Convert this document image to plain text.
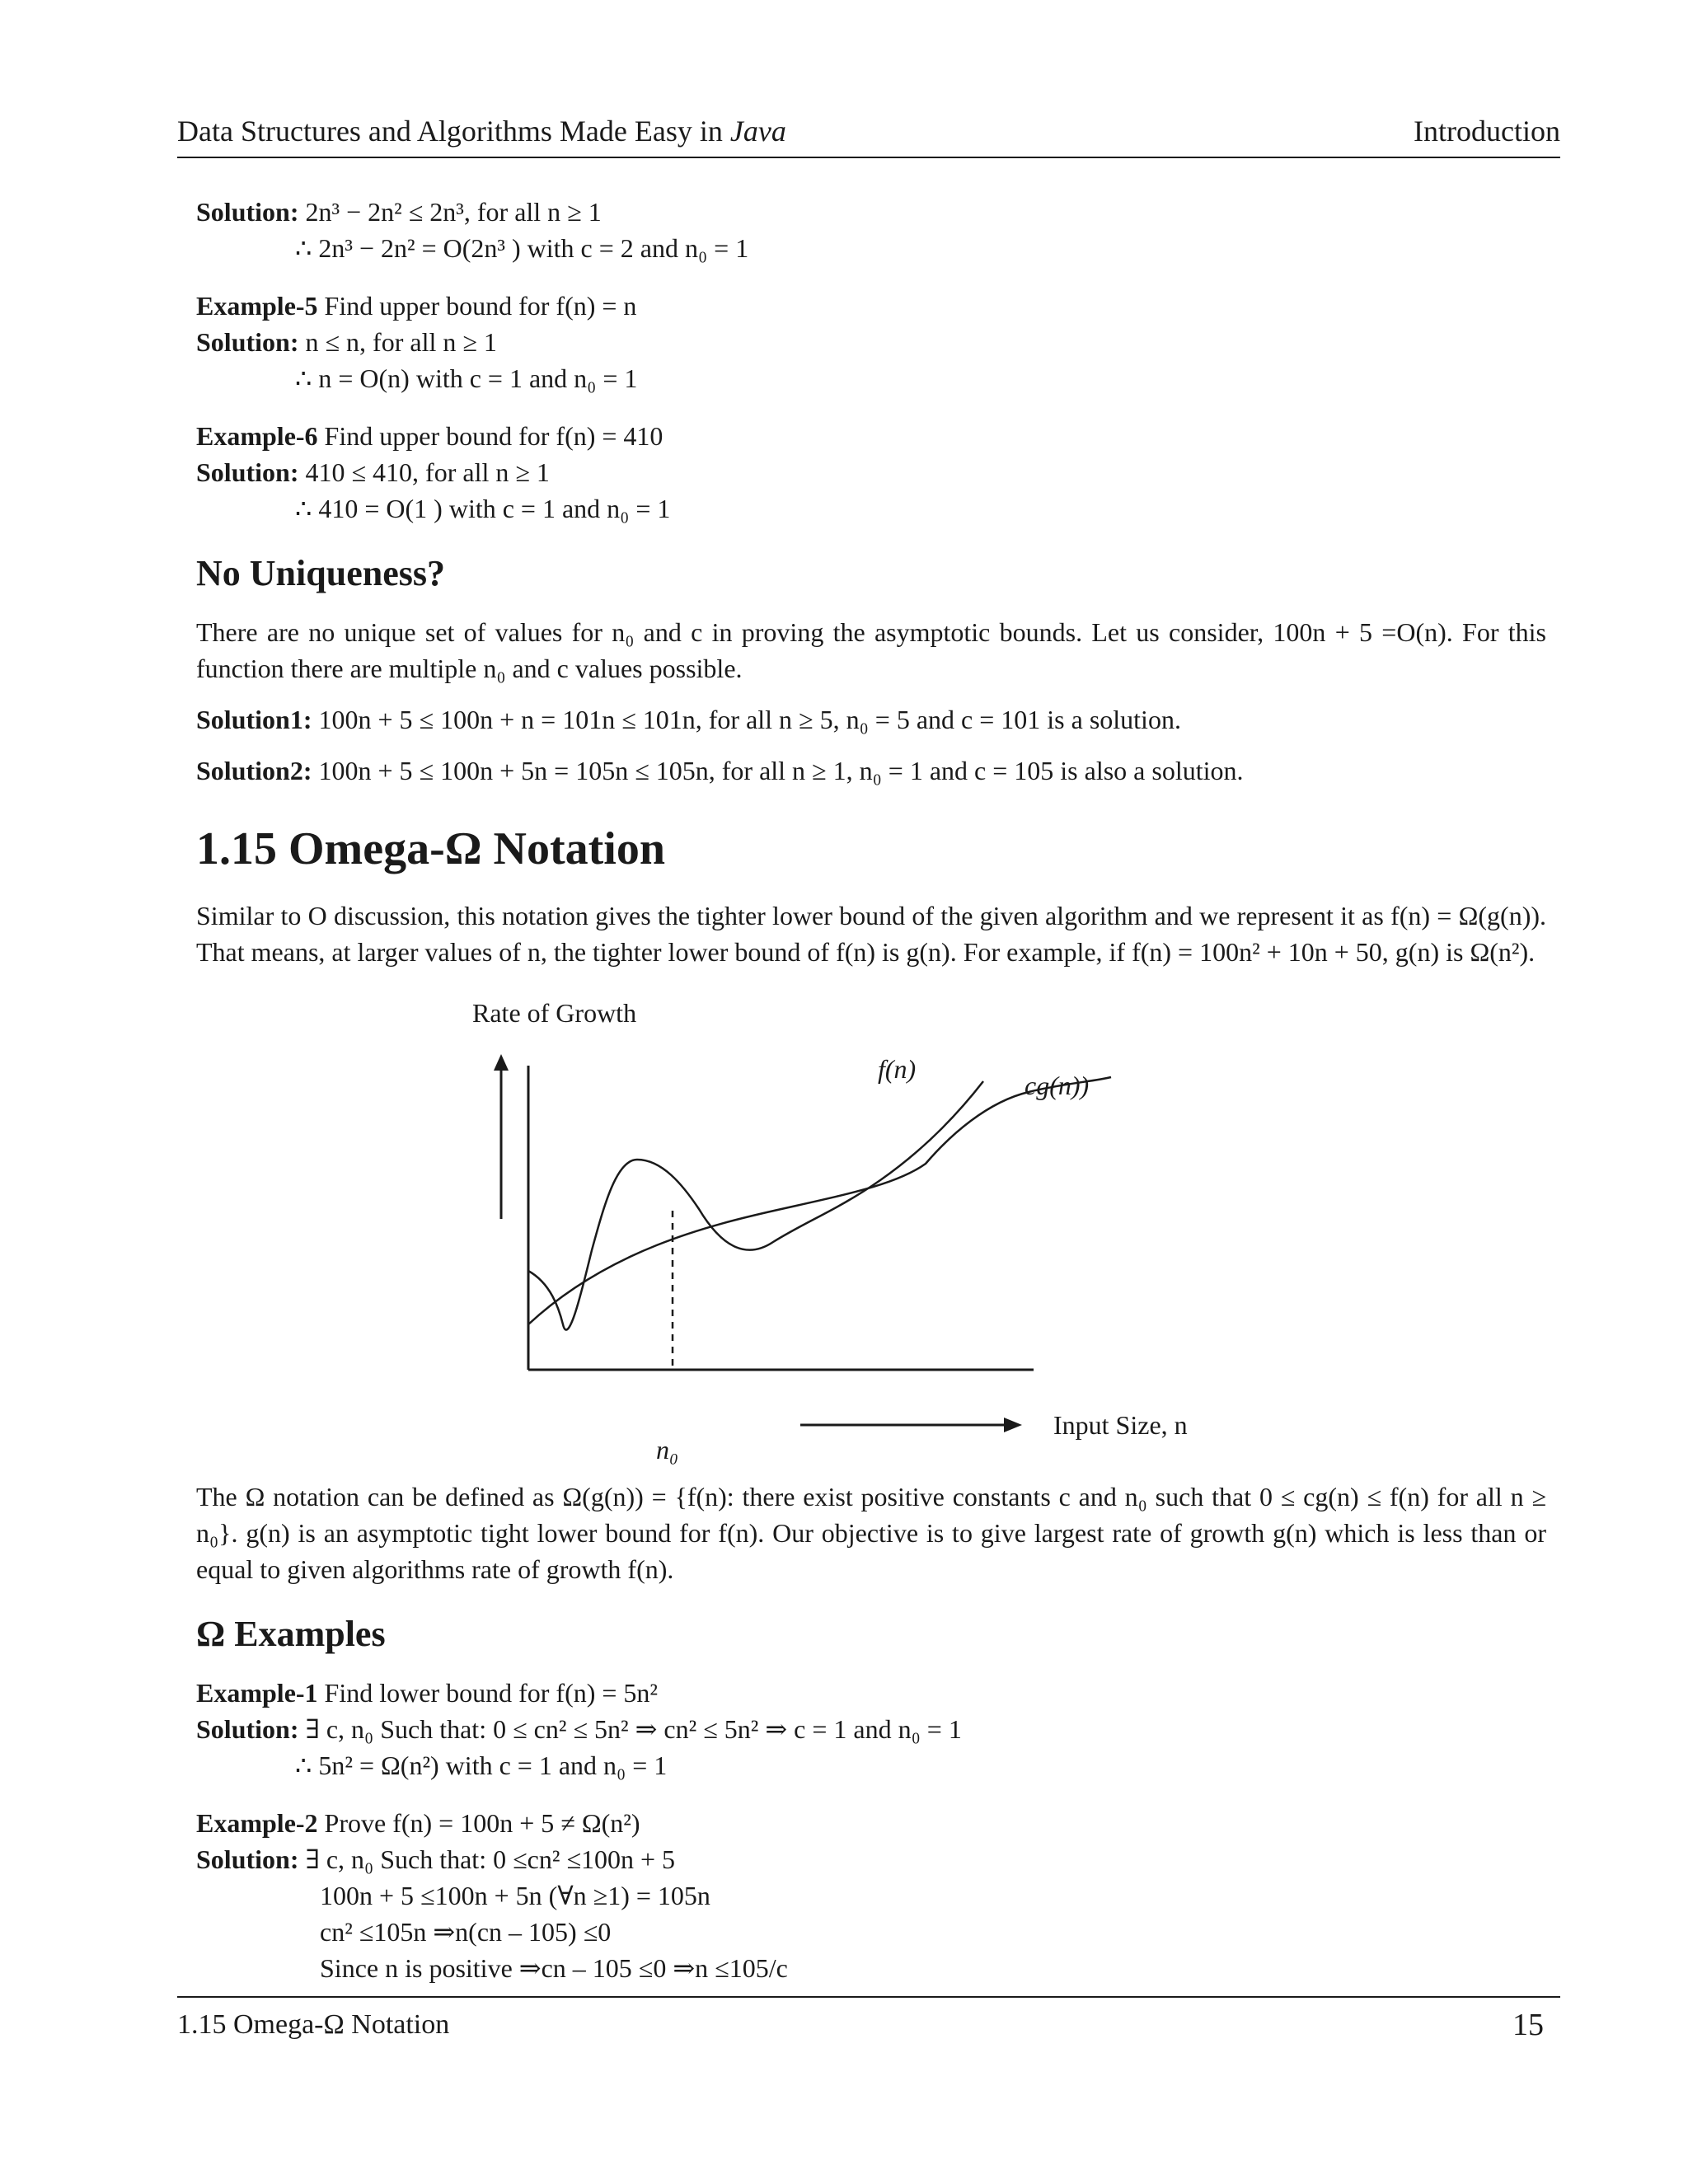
Data Structures and Algorithms Made Easy in Java	Introduction
Solution: 2n³ − 2n² ≤ 2n³, for all n ≥ 1
∴ 2n³ − 2n² = O(2n³ ) with c = 2 and n₀ = 1
Example-5 Find upper bound for f(n) = n
Solution: n ≤ n, for all n ≥ 1
∴ n = O(n) with c = 1 and n₀ = 1
Example-6 Find upper bound for f(n) = 410
Solution: 410 ≤ 410, for all n ≥ 1
∴ 410 = O(1 ) with c = 1 and n₀ = 1
No Uniqueness?

There are no unique set of values for n₀ and c in proving the asymptotic bounds. Let us consider, 100n + 5 =O(n). For this function there are multiple n₀ and c values possible.

Solution1: 100n + 5 ≤ 100n + n = 101n ≤ 101n, for all n ≥ 5, n₀ = 5 and c = 101 is a solution.
Solution2: 100n + 5 ≤ 100n + 5n = 105n ≤ 105n, for all n ≥ 1, n₀ = 1 and c = 105 is also a solution.
1.15 Omega-Ω Notation

Similar to O discussion, this notation gives the tighter lower bound of the given algorithm and we represent it as f(n) = Ω(g(n)). That means, at larger values of n, the tighter lower bound of f(n) is g(n). For example, if f(n) = 100n² + 10n + 50, g(n) is Ω(n²).

Rate of Growth
f(n)
cg(n))
n₀
Input Size, n

The Ω notation can be defined as Ω(g(n)) = {f(n): there exist positive constants c and n₀ such that 0 ≤ cg(n) ≤ f(n) for all n ≥ n₀}. g(n) is an asymptotic tight lower bound for f(n). Our objective is to give largest rate of growth g(n) which is less than or equal to given algorithms rate of growth f(n).

Ω Examples
Example-1 Find lower bound for f(n) = 5n²
Solution: ∃ c, n₀ Such that: 0 ≤ cn² ≤ 5n² ⇒ cn² ≤ 5n² ⇒ c = 1 and n₀ = 1
∴ 5n² = Ω(n²) with c = 1 and n₀ = 1
Example-2 Prove f(n) = 100n + 5 ≠ Ω(n²)
Solution: ∃ c, n₀ Such that: 0 ≤cn² ≤100n + 5
100n + 5 ≤100n + 5n (∀n ≥1) = 105n
cn² ≤105n ⇒n(cn – 105) ≤0
Since n is positive ⇒cn – 105 ≤0 ⇒n ≤105/c
1.15 Omega-Ω Notation	15
